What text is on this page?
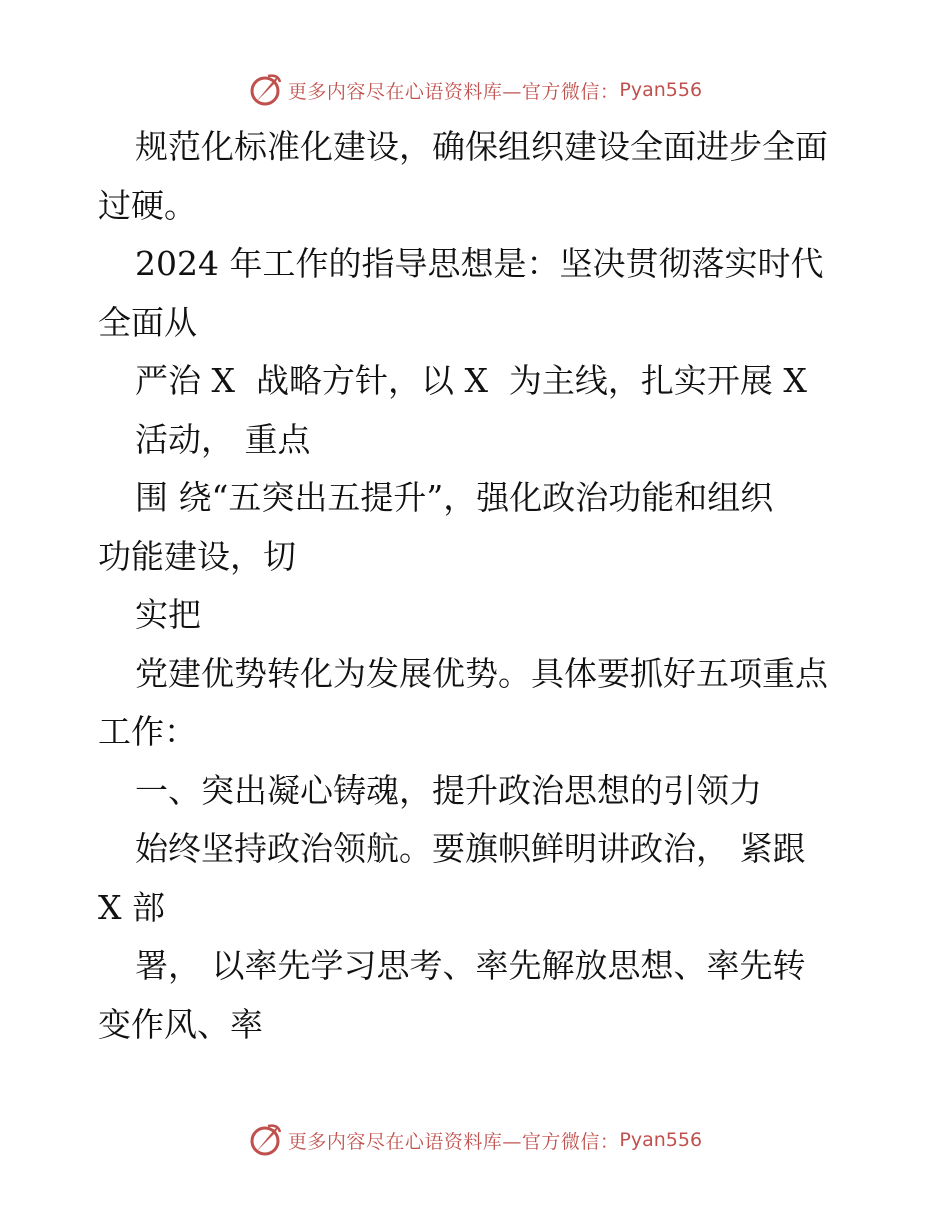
更多内容尽在心语资料库—官方微信： Pyan556
规范化标准化建设，确保组织建设全面进步全面
过硬。
2024 年工作的指导思想是：坚决贯彻落实时代
全面从
严治 X  战略方针，以 X  为主线，扎实开展 X
活动， 重点
围 绕“五突出五提升”，强化政治功能和组织
功能建设，切
实把
党建优势转化为发展优势。具体要抓好五项重点
工作：
一、突出凝心铸魂，提升政治思想的引领力
始终坚持政治领航。要旗帜鲜明讲政治， 紧跟
X 部
署， 以率先学习思考、率先解放思想、率先转
变作风、率
更多内容尽在心语资料库—官方微信： Pyan556
